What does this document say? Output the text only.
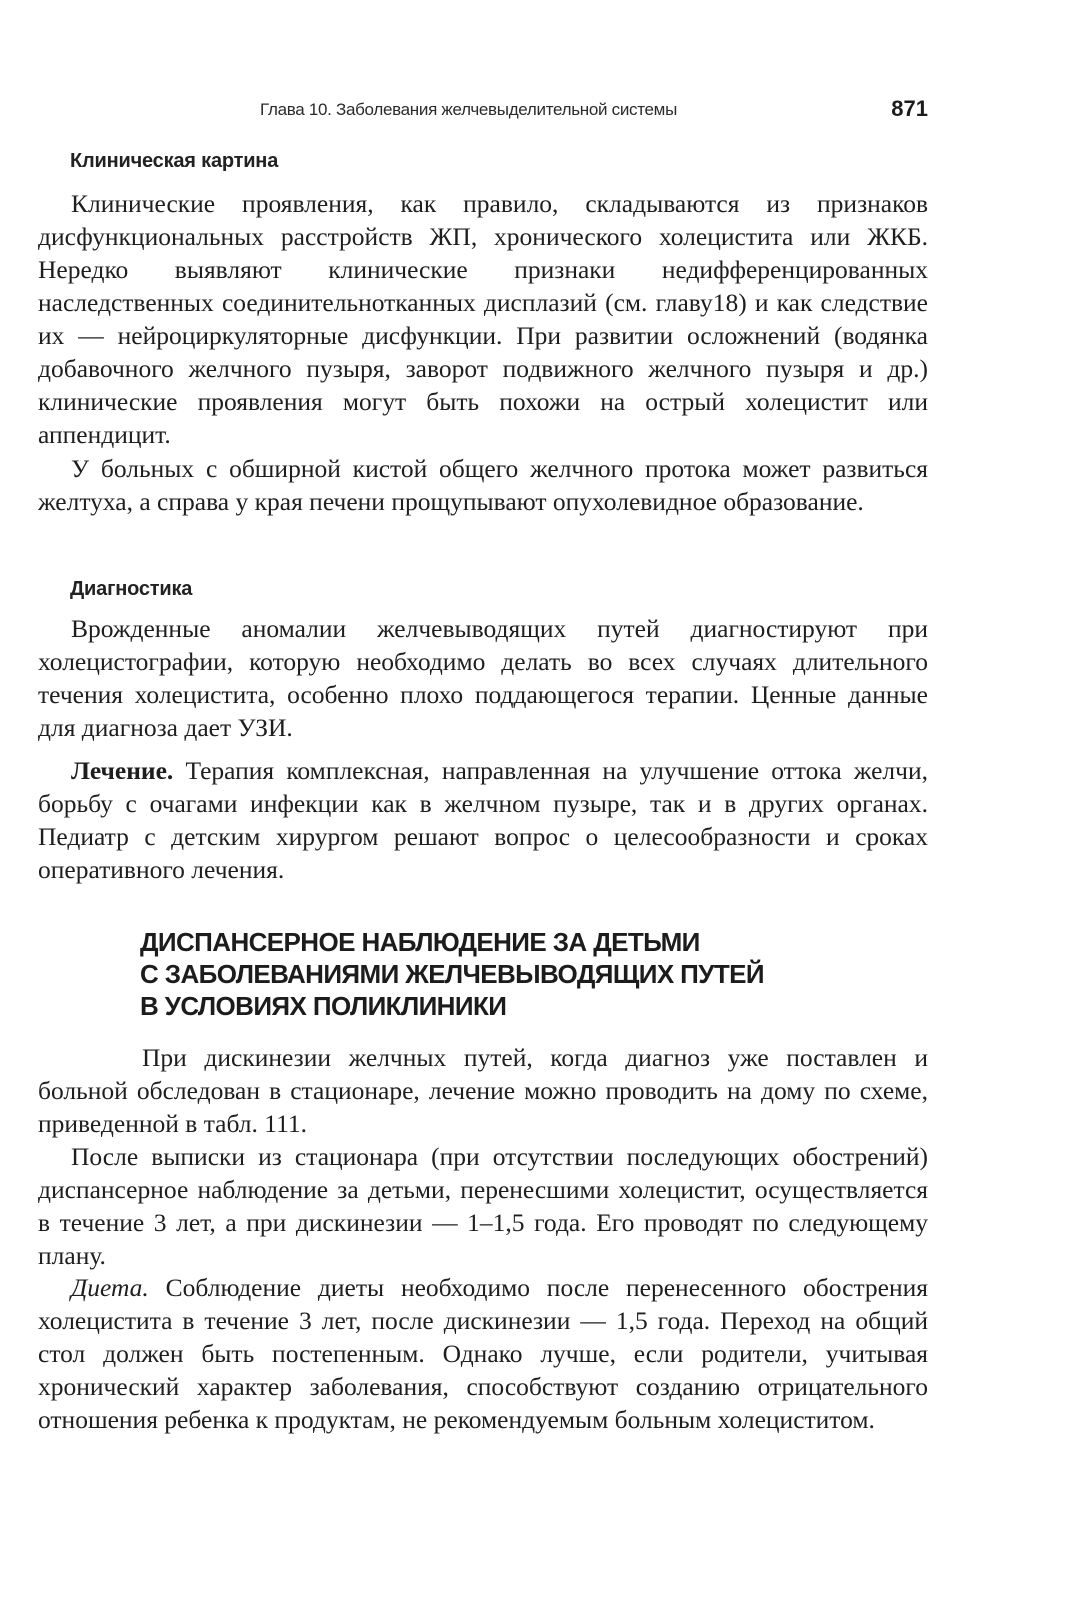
Глава 10. Заболевания желчевыделительной системы	871
Клиническая картина

Клинические проявления, как правило, складываются из признаков дисфункциональных расстройств ЖП, хронического холецистита или ЖКБ. Нередко выявляют клинические признаки недифференцированных наследственных соединительнотканных дисплазий (см. главу18) и как следствие их — нейроциркуляторные дисфункции. При развитии осложнений (водянка добавочного желчного пузыря, заворот подвижного желчного пузыря и др.) клинические проявления могут быть похожи на острый холецистит или аппендицит.

У больных с обширной кистой общего желчного протока может развиться желтуха, а справа у края печени прощупывают опухолевидное образование.

Диагностика

Врожденные аномалии желчевыводящих путей диагностируют при холецистографии, которую необходимо делать во всех случаях длительного течения холецистита, особенно плохо поддающегося терапии. Ценные данные для диагноза дает УЗИ.

Лечение. Терапия комплексная, направленная на улучшение оттока желчи, борьбу с очагами инфекции как в желчном пузыре, так и в других органах. Педиатр с детским хирургом решают вопрос о целесообразности и сроках оперативного лечения.

ДИСПАНСЕРНОЕ НАБЛЮДЕНИЕ ЗА ДЕТЬМИ
С ЗАБОЛЕВАНИЯМИ ЖЕЛЧЕВЫВОДЯЩИХ ПУТЕЙ
В УСЛОВИЯХ ПОЛИКЛИНИКИ

При дискинезии желчных путей, когда диагноз уже поставлен и больной обследован в стационаре, лечение можно проводить на дому по схеме, приведенной в табл. 111.

После выписки из стационара (при отсутствии последующих обострений) диспансерное наблюдение за детьми, перенесшими холецистит, осуществляется в течение 3 лет, а при дискинезии — 1–1,5 года. Его проводят по следующему плану.

Диета. Соблюдение диеты необходимо после перенесенного обострения холецистита в течение 3 лет, после дискинезии — 1,5 года. Переход на общий стол должен быть постепенным. Однако лучше, если родители, учитывая хронический характер заболевания, способствуют созданию отрицательного отношения ребенка к продуктам, не рекомендуемым больным холециститом.
